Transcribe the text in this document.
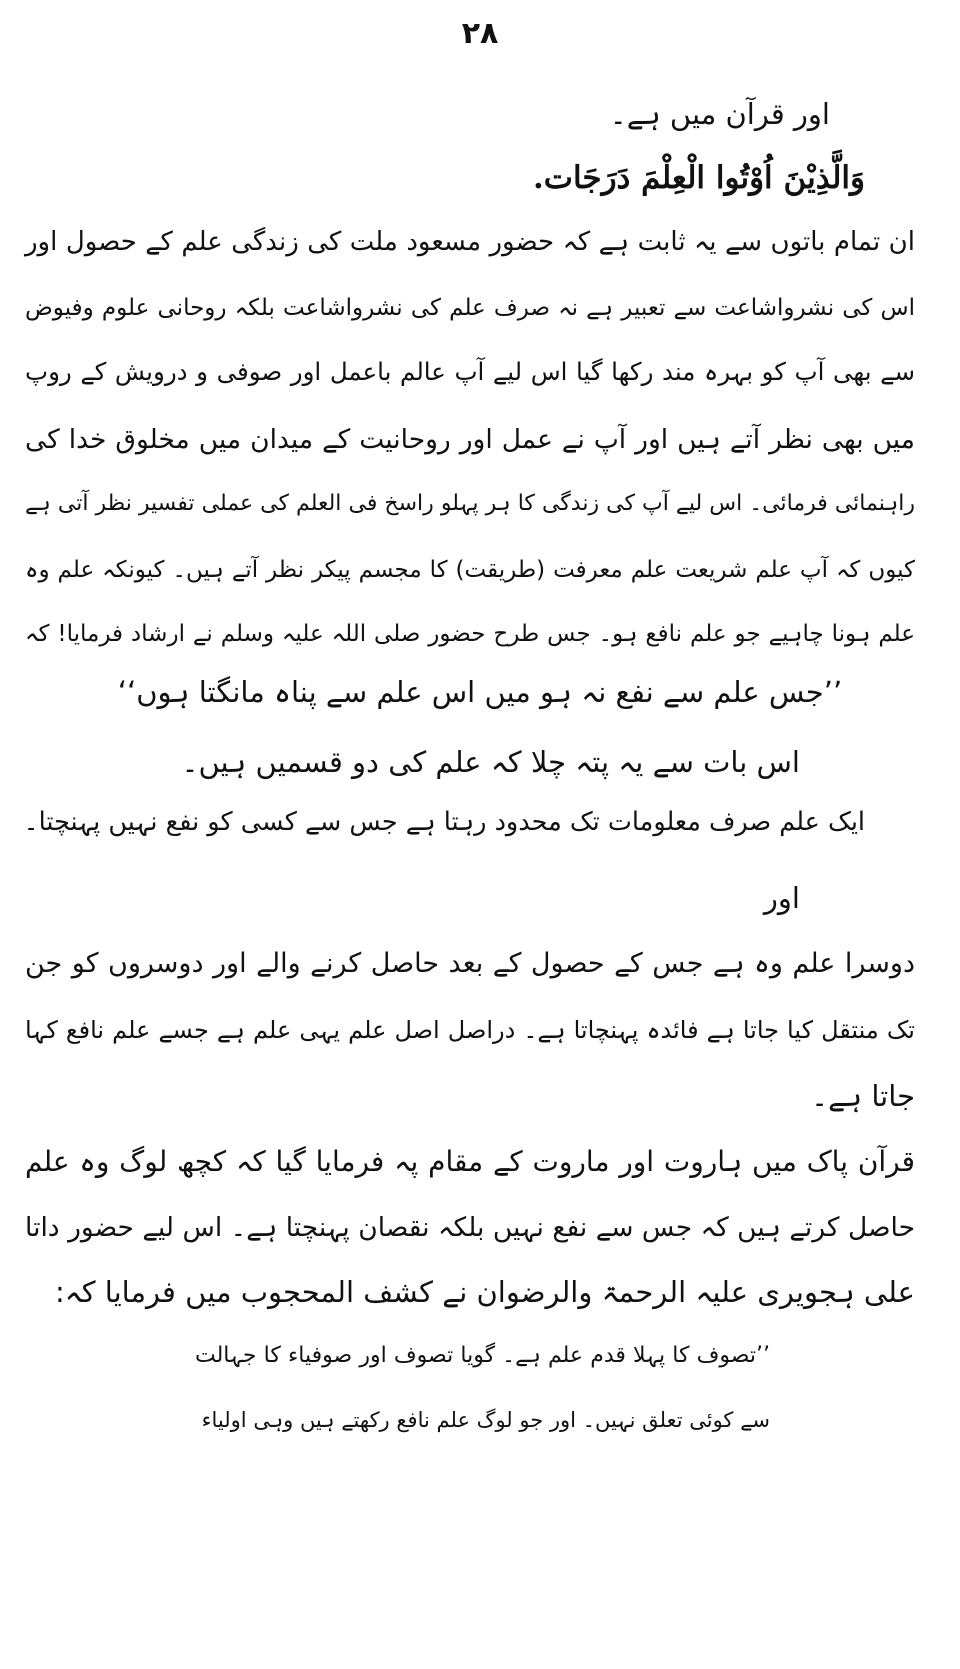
۲۸
اور قرآن میں ہے۔
وَالَّذِیْنَ اُوْتُوا الْعِلْمَ دَرَجَات.
ان تمام باتوں سے یہ ثابت ہے کہ حضور مسعود ملت کی زندگی علم کے حصول اور
اس کی نشرواشاعت سے تعبیر ہے نہ صرف علم کی نشرواشاعت بلکہ روحانی علوم وفیوض
سے بھی آپ کو بہرہ مند رکھا گیا اس لیے آپ عالم باعمل اور صوفی و درویش کے روپ
میں بھی نظر آتے ہیں اور آپ نے عمل اور روحانیت کے میدان میں مخلوق خدا کی
راہنمائی فرمائی۔ اس لیے آپ کی زندگی کا ہر پہلو راسخ فی العلم کی عملی تفسیر نظر آتی ہے
کیوں کہ آپ علم شریعت علم معرفت (طریقت) کا مجسم پیکر نظر آتے ہیں۔ کیونکہ علم وہ
علم ہونا چاہیے جو علم نافع ہو۔ جس طرح حضور صلی اللہ علیہ وسلم نے ارشاد فرمایا! کہ
’’جس علم سے نفع نہ ہو میں اس علم سے پناہ مانگتا ہوں‘‘
اس بات سے یہ پتہ چلا کہ علم کی دو قسمیں ہیں۔
ایک علم صرف معلومات تک محدود رہتا ہے جس سے کسی کو نفع نہیں پہنچتا۔
اور
دوسرا علم وہ ہے جس کے حصول کے بعد حاصل کرنے والے اور دوسروں کو جن
تک منتقل کیا جاتا ہے فائدہ پہنچاتا ہے۔ دراصل اصل علم یہی علم ہے جسے علم نافع کہا
جاتا ہے۔
قرآن پاک میں ہاروت اور ماروت کے مقام پہ فرمایا گیا کہ کچھ لوگ وہ علم
حاصل کرتے ہیں کہ جس سے نفع نہیں بلکہ نقصان پہنچتا ہے۔ اس لیے حضور داتا
علی ہجویری علیہ الرحمۃ والرضوان نے کشف المحجوب میں فرمایا کہ:
’’تصوف کا پہلا قدم علم ہے۔ گویا تصوف اور صوفیاء کا جہالت
سے کوئی تعلق نہیں۔ اور جو لوگ علم نافع رکھتے ہیں وہی اولیاء
